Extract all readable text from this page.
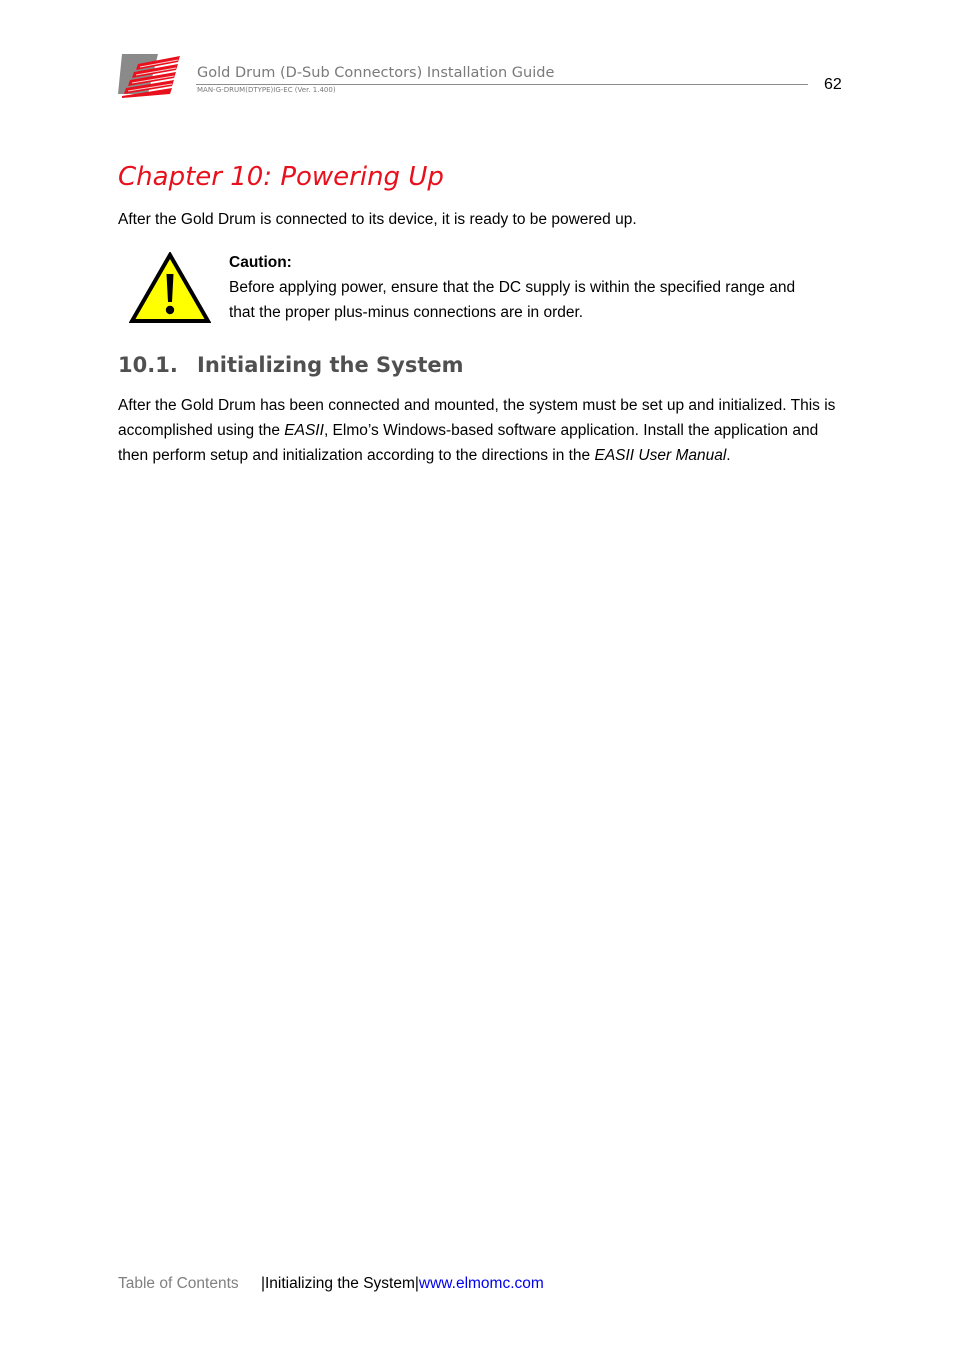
Gold Drum (D-Sub Connectors) Installation Guide
MAN-G-DRUM(DTYPE)IG-EC (Ver. 1.400)	62
Chapter 10: Powering Up

After the Gold Drum is connected to its device, it is ready to be powered up.

Caution:
Before applying power, ensure that the DC supply is within the specified range and that the proper plus-minus connections are in order.
10.1. Initializing the System

After the Gold Drum has been connected and mounted, the system must be set up and initialized. This is accomplished using the EASII, Elmo’s Windows-based software application. Install the application and then perform setup and initialization according to the directions in the EASII User Manual.

Table of Contents |Initializing the System|www.elmomc.com
